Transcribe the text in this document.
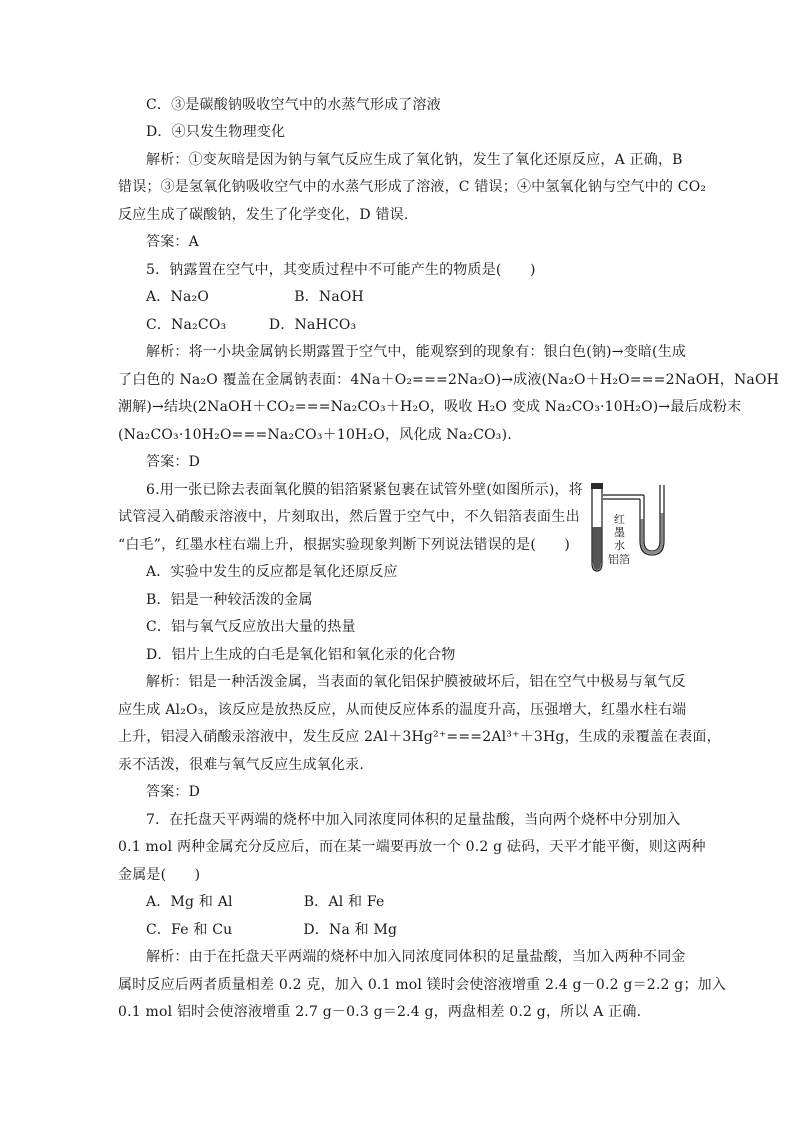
C．③是碳酸钠吸收空气中的水蒸气形成了溶液
D．④只发生物理变化
解析：①变灰暗是因为钠与氧气反应生成了氧化钠，发生了氧化还原反应，A 正确，B
错误；③是氢氧化钠吸收空气中的水蒸气形成了溶液，C 错误；④中氢氧化钠与空气中的 CO₂
反应生成了碳酸钠，发生了化学变化，D 错误.
答案：A
5．钠露置在空气中，其变质过程中不可能产生的物质是(　　)
A．Na₂O　　　　　　B．NaOH
C．Na₂CO₃　　　D．NaHCO₃
解析：将一小块金属钠长期露置于空气中，能观察到的现象有：银白色(钠)→变暗(生成
了白色的 Na₂O 覆盖在金属钠表面：4Na＋O₂===2Na₂O)→成液(Na₂O＋H₂O===2NaOH，NaOH
潮解)→结块(2NaOH＋CO₂===Na₂CO₃＋H₂O，吸收 H₂O 变成 Na₂CO₃·10H₂O)→最后成粉末
(Na₂CO₃·10H₂O===Na₂CO₃＋10H₂O，风化成 Na₂CO₃).
答案：D
6.用一张已除去表面氧化膜的铝箔紧紧包裹在试管外壁(如图所示)，将
试管浸入硝酸汞溶液中，片刻取出，然后置于空气中，不久铝箔表面生出
“白毛”，红墨水柱右端上升，根据实验现象判断下列说法错误的是(　　)
A．实验中发生的反应都是氧化还原反应
B．铝是一种较活泼的金属
C．铝与氧气反应放出大量的热量
D．铝片上生成的白毛是氧化铝和氧化汞的化合物
解析：铝是一种活泼金属，当表面的氧化铝保护膜被破坏后，铝在空气中极易与氧气反
应生成 Al₂O₃，该反应是放热反应，从而使反应体系的温度升高，压强增大，红墨水柱右端
上升，铝浸入硝酸汞溶液中，发生反应 2Al＋3Hg²⁺===2Al³⁺＋3Hg，生成的汞覆盖在表面，
汞不活泼，很难与氧气反应生成氧化汞.
答案：D
7．在托盘天平两端的烧杯中加入同浓度同体积的足量盐酸，当向两个烧杯中分别加入
0.1 mol 两种金属充分反应后，而在某一端要再放一个 0.2 g 砝码，天平才能平衡，则这两种
金属是(　　)
A．Mg 和 Al　　　　　B．Al 和 Fe
C．Fe 和 Cu　　　　　D．Na 和 Mg
解析：由于在托盘天平两端的烧杯中加入同浓度同体积的足量盐酸，当加入两种不同金
属时反应后两者质量相差 0.2 克，加入 0.1 mol 镁时会使溶液增重 2.4 g－0.2 g＝2.2 g；加入
0.1 mol 铝时会使溶液增重 2.7 g－0.3 g＝2.4 g，两盘相差 0.2 g，所以 A 正确.
红
墨
水
铝箔
